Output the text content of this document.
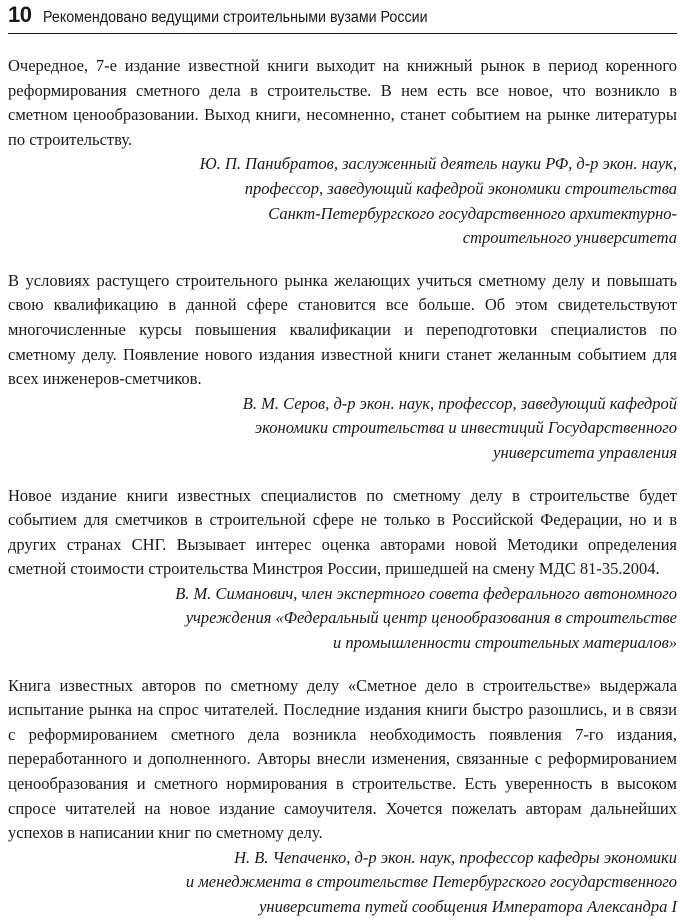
10 Рекомендовано ведущими строительными вузами России

Очередное, 7-е издание известной книги выходит на книжный рынок в период коренного реформирования сметного дела в строительстве. В нем есть все новое, что возникло в сметном ценообразовании. Выход книги, несомненно, станет событием на рынке литературы по строительству.

Ю. П. Панибратов, заслуженный деятель науки РФ, д-р экон. наук,
профессор, заведующий кафедрой экономики строительства
Санкт-Петербургского государственного архитектурно-
строительного университета

В условиях растущего строительного рынка желающих учиться сметному делу и повышать свою квалификацию в данной сфере становится все больше. Об этом свидетельствуют многочисленные курсы повышения квалификации и переподготовки специалистов по сметному делу. Появление нового издания известной книги станет желанным событием для всех инженеров-сметчиков.

В. М. Серов, д-р экон. наук, профессор, заведующий кафедрой
экономики строительства и инвестиций Государственного
университета управления

Новое издание книги известных специалистов по сметному делу в строительстве будет событием для сметчиков в строительной сфере не только в Российской Федерации, но и в других странах СНГ. Вызывает интерес оценка авторами новой Методики определения сметной стоимости строительства Минстроя России, пришедшей на смену МДС 81-35.2004.

В. М. Симанович, член экспертного совета федерального автономного
учреждения «Федеральный центр ценообразования в строительстве
и промышленности строительных материалов»

Книга известных авторов по сметному делу «Сметное дело в строительстве» выдержала испытание рынка на спрос читателей. Последние издания книги быстро разошлись, и в связи с реформированием сметного дела возникла необходимость появления 7-го издания, переработанного и дополненного. Авторы внесли изменения, связанные с реформированием ценообразования и сметного нормирования в строительстве. Есть уверенность в высоком спросе читателей на новое издание самоучителя. Хочется пожелать авторам дальнейших успехов в написании книг по сметному делу.

Н. В. Чепаченко, д-р экон. наук, профессор кафедры экономики
и менеджмента в строительстве Петербургского государственного
университета путей сообщения Императора Александра I
